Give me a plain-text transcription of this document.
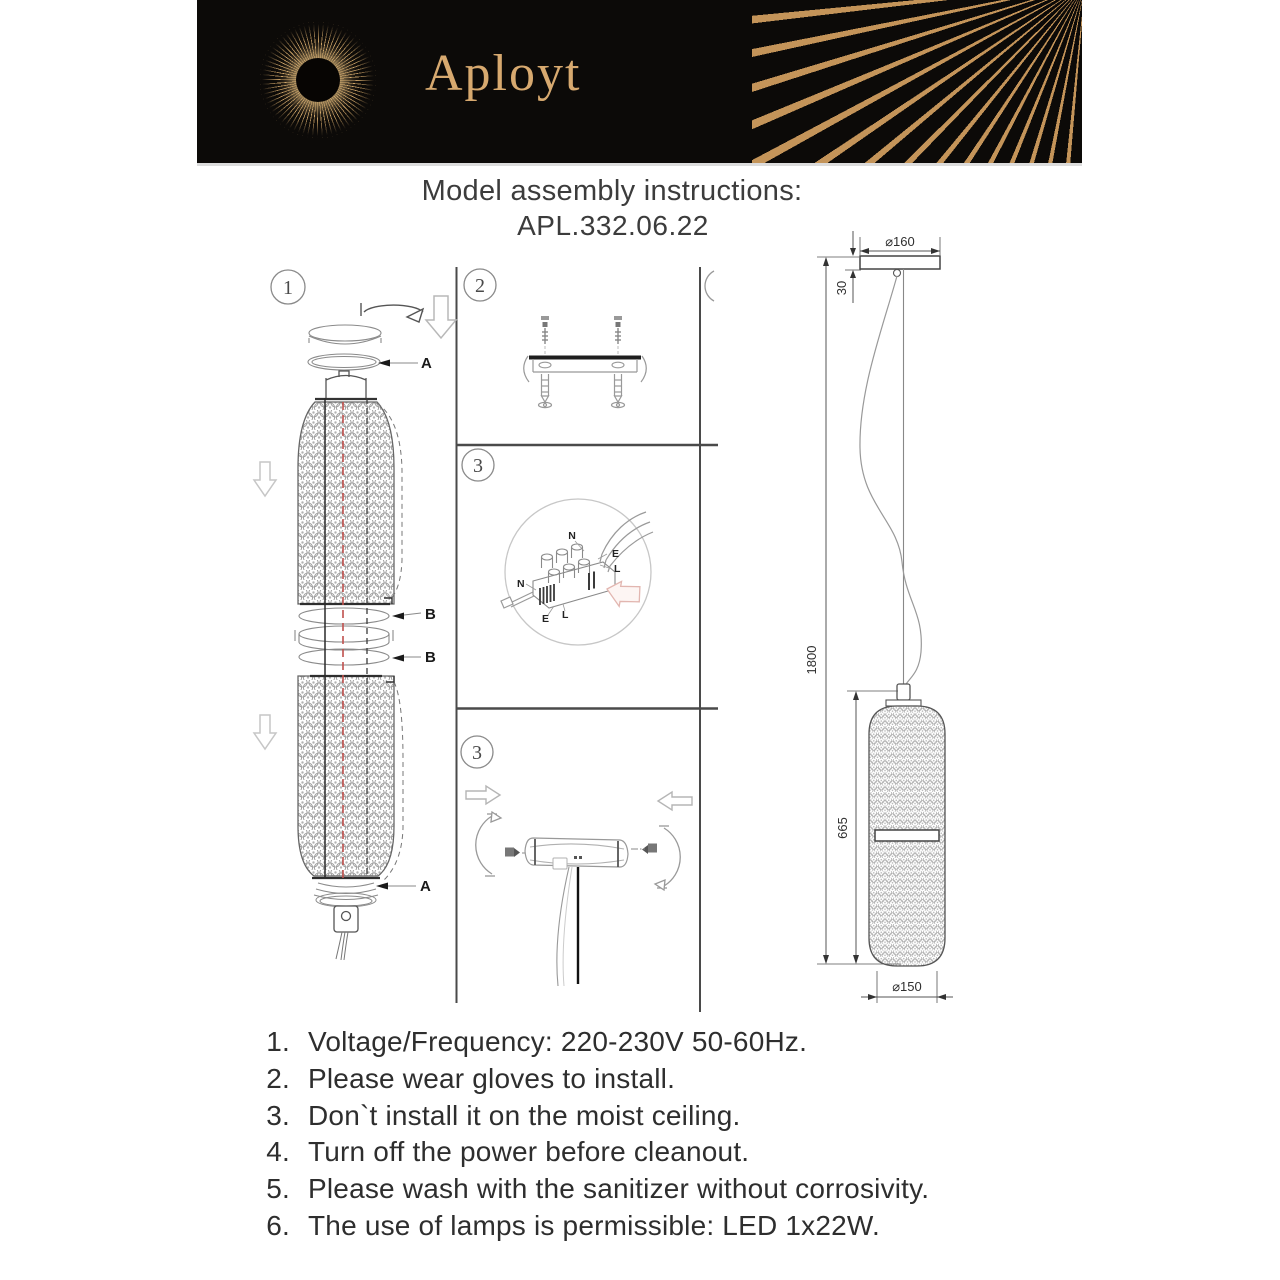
Aployt
Model assembly instructions:
APL.332.06.22
1
A
B
B
A
2
3
N
E
L
N
E L
3
⌀160
30
1800
665
⌀150
1. Voltage/Frequency: 220-230V 50-60Hz.
2. Please wear gloves to install.
3. Don`t install it on the moist ceiling.
4. Turn off the power before cleanout.
5. Please wash with the sanitizer without corrosivity.
6. The use of lamps is permissible: LED 1x22W.
